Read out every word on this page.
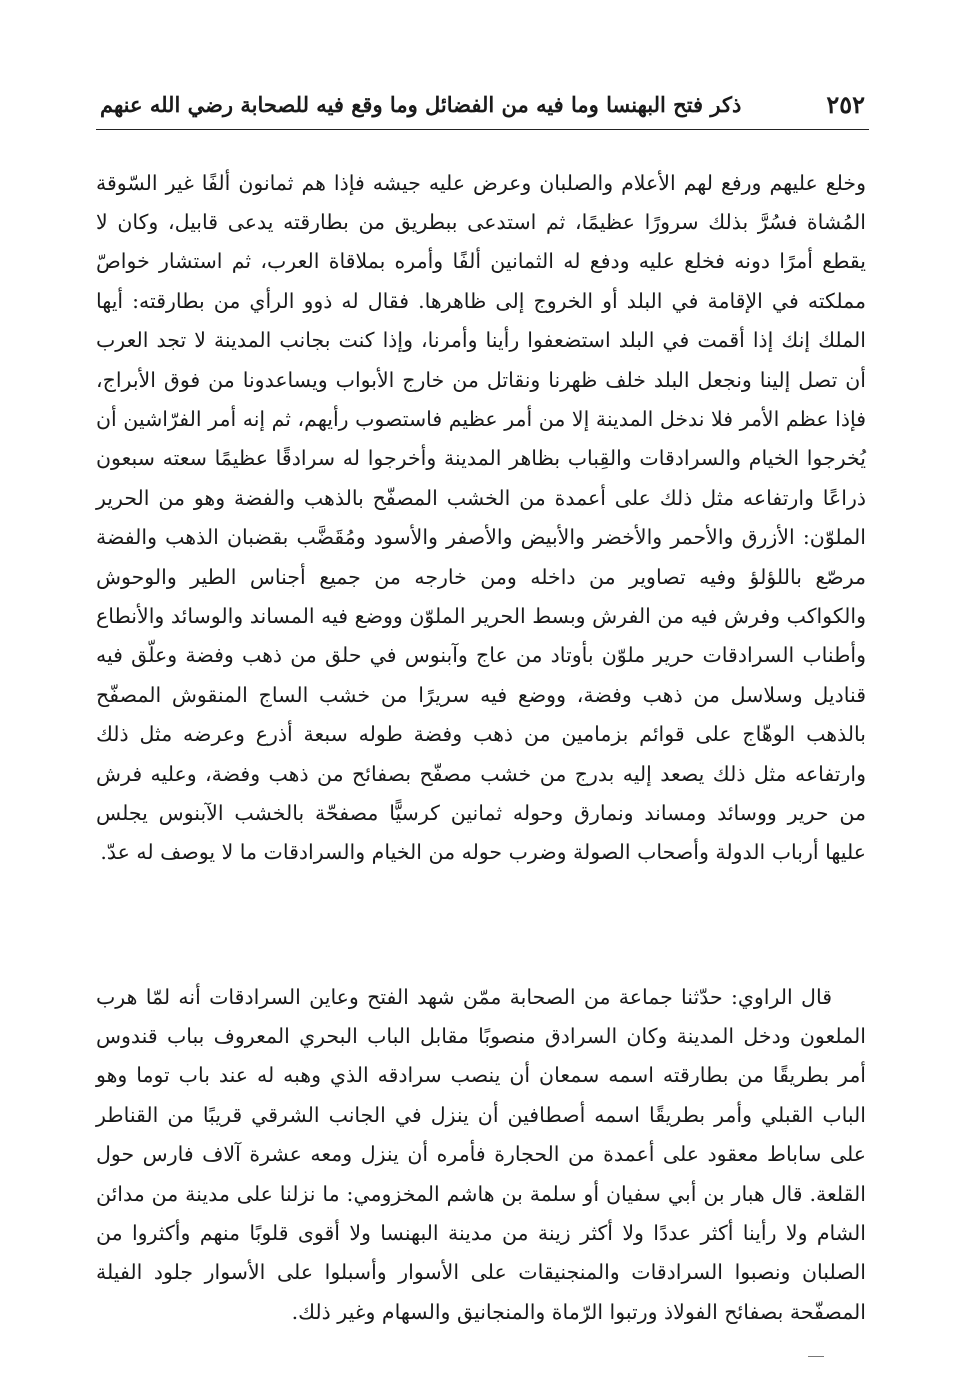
٢٥٢
ذكر فتح البهنسا وما فيه من الفضائل وما وقع فيه للصحابة رضي الله عنهم

وخلع عليهم ورفع لهم الأعلام والصلبان وعرض عليه جيشه فإذا هم ثمانون ألفًا غير السّوقة المُشاة فسُرَّ بذلك سرورًا عظيمًا، ثم استدعى ببطريق من بطارقته يدعى قابيل، وكان لا يقطع أمرًا دونه فخلع عليه ودفع له الثمانين ألفًا وأمره بملاقاة العرب، ثم استشار خواصّ مملكته في الإقامة في البلد أو الخروج إلى ظاهرها. فقال له ذوو الرأي من بطارقته: أيها الملك إنك إذا أقمت في البلد استضعفوا رأينا وأمرنا، وإذا كنت بجانب المدينة لا تجد العرب أن تصل إلينا ونجعل البلد خلف ظهرنا ونقاتل من خارج الأبواب ويساعدونا من فوق الأبراج، فإذا عظم الأمر فلا ندخل المدينة إلا من أمر عظيم فاستصوب رأيهم، ثم إنه أمر الفرّاشين أن يُخرجوا الخيام والسرادقات والقِباب بظاهر المدينة وأخرجوا له سرادقًا عظيمًا سعته سبعون ذراعًا وارتفاعه مثل ذلك على أعمدة من الخشب المصفّح بالذهب والفضة وهو من الحرير الملوّن: الأزرق والأحمر والأخضر والأبيض والأصفر والأسود ومُقَضَّب بقضبان الذهب والفضة مرصّع باللؤلؤ وفيه تصاوير من داخله ومن خارجه من جميع أجناس الطير والوحوش والكواكب وفرش فيه من الفرش وبسط الحرير الملوّن ووضع فيه المساند والوسائد والأنطاع وأطناب السرادقات حرير ملوّن بأوتاد من عاج وآبنوس في حلق من ذهب وفضة وعلّق فيه قناديل وسلاسل من ذهب وفضة، ووضع فيه سريرًا من خشب الساج المنقوش المصفّح بالذهب الوهّاج على قوائم بزمامين من ذهب وفضة طوله سبعة أذرع وعرضه مثل ذلك وارتفاعه مثل ذلك يصعد إليه بدرج من خشب مصفّح بصفائح من ذهب وفضة، وعليه فرش من حرير ووسائد ومساند ونمارق وحوله ثمانين كرسيًّا مصفحّة بالخشب الآبنوس يجلس عليها أرباب الدولة وأصحاب الصولة وضرب حوله من الخيام والسرادقات ما لا يوصف له عدّ.

قال الراوي: حدّثنا جماعة من الصحابة ممّن شهد الفتح وعاين السرادقات أنه لمّا هرب الملعون ودخل المدينة وكان السرادق منصوبًا مقابل الباب البحري المعروف بباب قندوس أمر بطريقًا من بطارقته اسمه سمعان أن ينصب سرادقه الذي وهبه له عند باب توما وهو الباب القبلي وأمر بطريقًا اسمه أصطافين أن ينزل في الجانب الشرقي قريبًا من القناطر على ساباط معقود على أعمدة من الحجارة فأمره أن ينزل ومعه عشرة آلاف فارس حول القلعة. قال هبار بن أبي سفيان أو سلمة بن هاشم المخزومي: ما نزلنا على مدينة من مدائن الشام ولا رأينا أكثر عددًا ولا أكثر زينة من مدينة البهنسا ولا أقوى قلوبًا منهم وأكثروا من الصلبان ونصبوا السرادقات والمنجنيقات على الأسوار وأسبلوا على الأسوار جلود الفيلة المصفّحة بصفائح الفولاذ ورتبوا الرّماة والمنجانيق والسهام وغير ذلك.
